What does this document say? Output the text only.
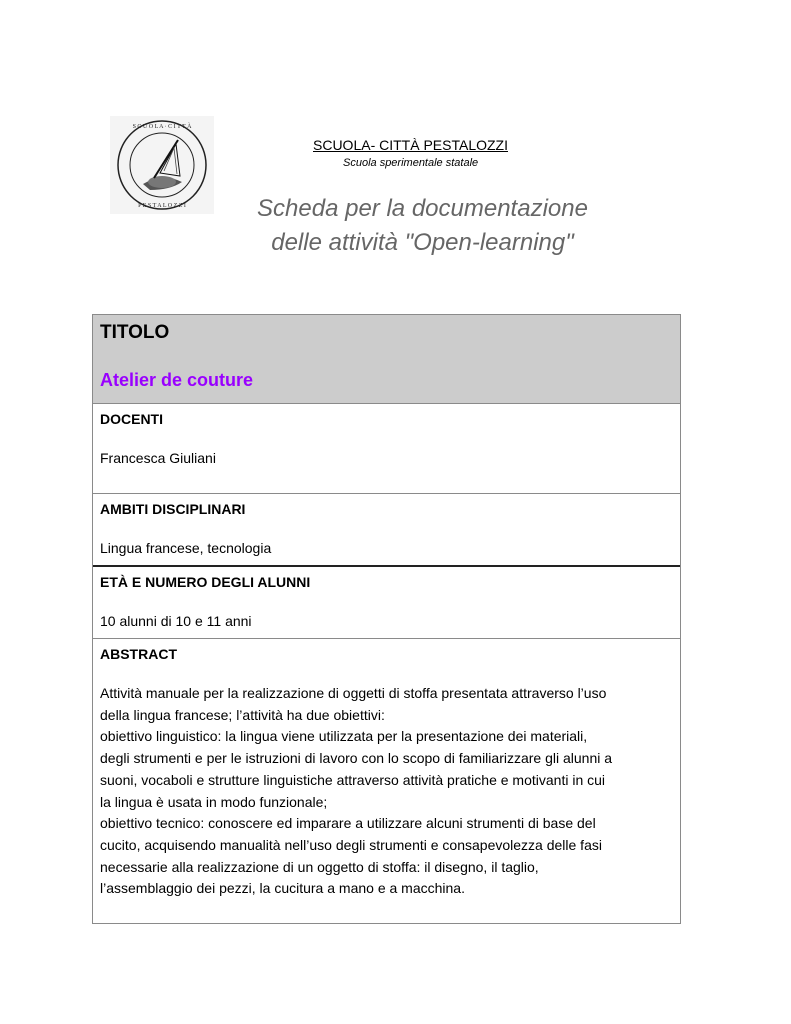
S C U O L A · C I T T À
P E S T A L O Z Z I
SCUOLA- CITTÀ PESTALOZZI
Scuola sperimentale statale
Scheda per la documentazione
delle attività "Open-learning"
TITOLO
Atelier de couture
DOCENTI
Francesca Giuliani
AMBITI DISCIPLINARI
Lingua francese, tecnologia
ETÀ E NUMERO DEGLI ALUNNI
10 alunni di 10 e 11 anni
ABSTRACT
Attività manuale per la realizzazione di oggetti di stoffa presentata attraverso l’uso
della lingua francese; l’attività ha due obiettivi:
obiettivo linguistico: la lingua viene utilizzata per la presentazione dei materiali,
degli strumenti e per le istruzioni di lavoro con lo scopo di familiarizzare gli alunni a
suoni, vocaboli e strutture linguistiche attraverso attività pratiche e motivanti in cui
la lingua è usata in modo funzionale;
obiettivo tecnico: conoscere ed imparare a utilizzare alcuni strumenti di base del
cucito, acquisendo manualità nell’uso degli strumenti e consapevolezza delle fasi
necessarie alla realizzazione di un oggetto di stoffa: il disegno, il taglio,
l’assemblaggio dei pezzi, la cucitura a mano e a macchina.
